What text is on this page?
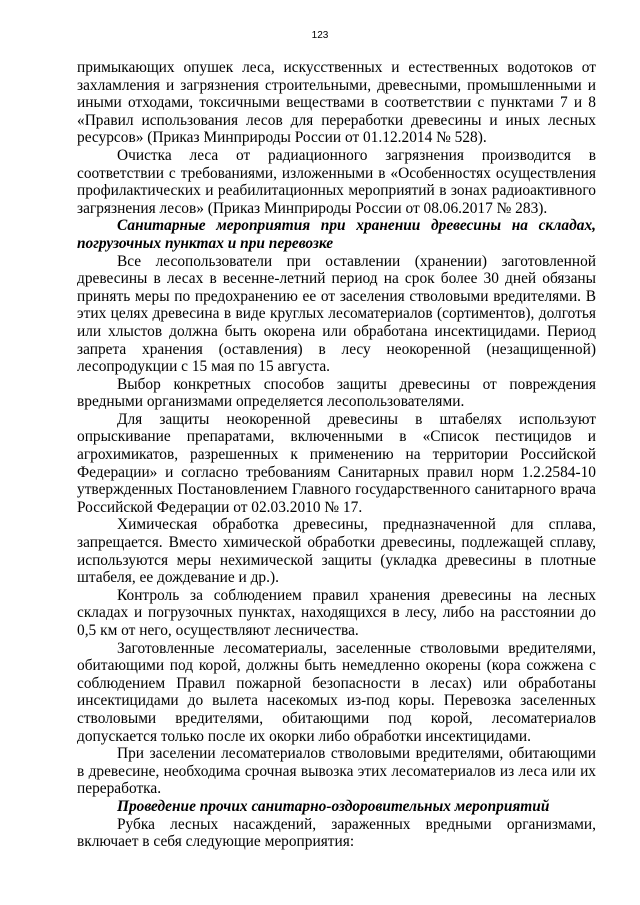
123

примыкающих опушек леса, искусственных и естественных водотоков от захламления и загрязнения строительными, древесными, промышленными и иными отходами, токсичными веществами в соответствии с пунктами 7 и 8 «Правил использования лесов для переработки древесины и иных лесных ресурсов» (Приказ Минприроды России от 01.12.2014 № 528).

Очистка леса от радиационного загрязнения производится в соответствии с требованиями, изложенными в «Особенностях осуществления профилактических и реабилитационных мероприятий в зонах радиоактивного загрязнения лесов» (Приказ Минприроды России от 08.06.2017 № 283).

Санитарные мероприятия при хранении древесины на складах, погрузочных пунктах и при перевозке

Все лесопользователи при оставлении (хранении) заготовленной древесины в лесах в весенне-летний период на срок более 30 дней обязаны принять меры по предохранению ее от заселения стволовыми вредителями. В этих целях древесина в виде круглых лесоматериалов (сортиментов), долготья или хлыстов должна быть окорена или обработана инсектицидами. Период запрета хранения (оставления) в лесу неокоренной (незащищенной) лесопродукции с 15 мая по 15 августа.

Выбор конкретных способов защиты древесины от повреждения вредными организмами определяется лесопользователями.

Для защиты неокоренной древесины в штабелях используют опрыскивание препаратами, включенными в «Список пестицидов и агрохимикатов, разрешенных к применению на территории Российской Федерации» и согласно требованиям Санитарных правил норм 1.2.2584-10 утвержденных Постановлением Главного государственного санитарного врача Российской Федерации от 02.03.2010 № 17.

Химическая обработка древесины, предназначенной для сплава, запрещается. Вместо химической обработки древесины, подлежащей сплаву, используются меры нехимической защиты (укладка древесины в плотные штабеля, ее дождевание и др.).

Контроль за соблюдением правил хранения древесины на лесных складах и погрузочных пунктах, находящихся в лесу, либо на расстоянии до 0,5 км от него, осуществляют лесничества.

Заготовленные лесоматериалы, заселенные стволовыми вредителями, обитающими под корой, должны быть немедленно окорены (кора сожжена с соблюдением Правил пожарной безопасности в лесах) или обработаны инсектицидами до вылета насекомых из-под коры. Перевозка заселенных стволовыми вредителями, обитающими под корой, лесоматериалов допускается только после их окорки либо обработки инсектицидами.

При заселении лесоматериалов стволовыми вредителями, обитающими в древесине, необходима срочная вывозка этих лесоматериалов из леса или их переработка.

Проведение прочих санитарно-оздоровительных мероприятий

Рубка лесных насаждений, зараженных вредными организмами, включает в себя следующие мероприятия:
